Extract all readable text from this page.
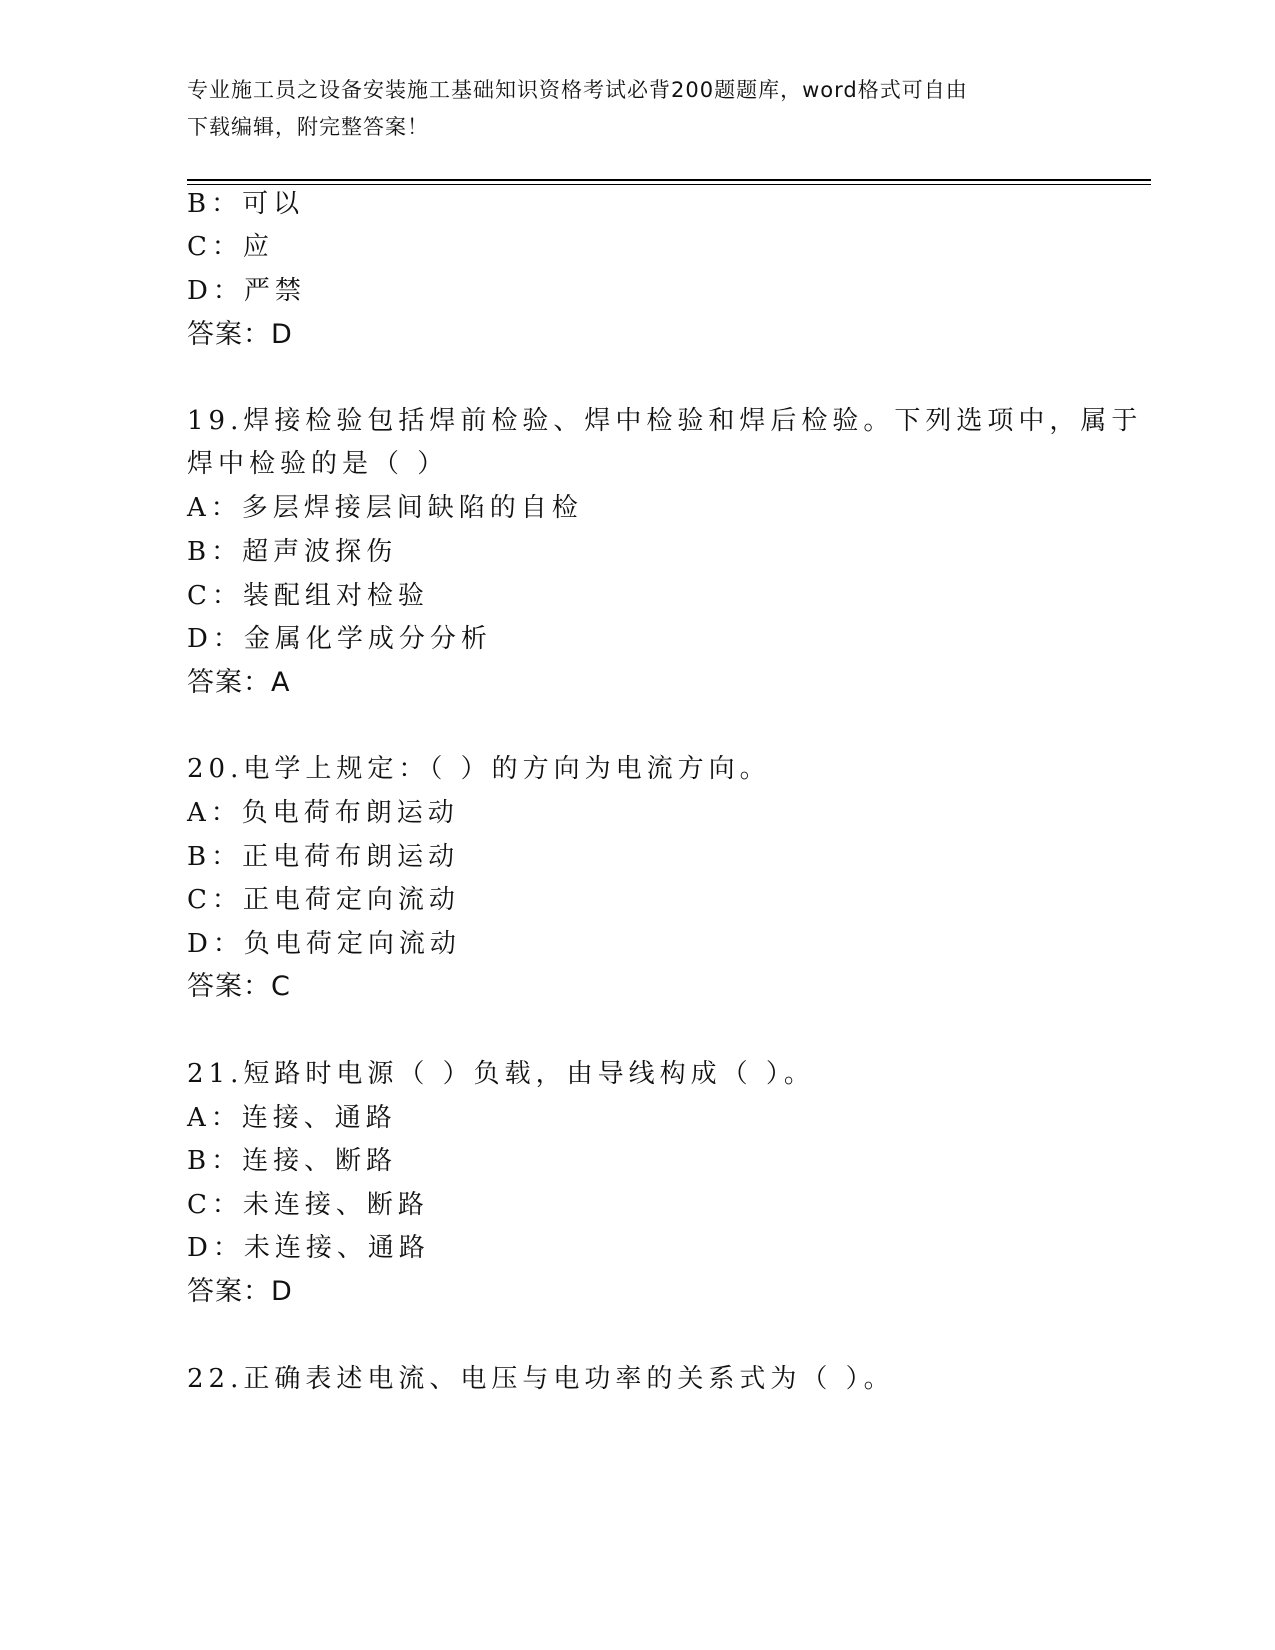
专业施工员之设备安装施工基础知识资格考试必背200题题库，word格式可自由
下载编辑，附完整答案！
B：可以
C：应
D：严禁
答案：D
19.焊接检验包括焊前检验、焊中检验和焊后检验。下列选项中，属于
焊中检验的是（ ）
A：多层焊接层间缺陷的自检
B：超声波探伤
C：装配组对检验
D：金属化学成分分析
答案：A
20.电学上规定：（ ）的方向为电流方向。
A：负电荷布朗运动
B：正电荷布朗运动
C：正电荷定向流动
D：负电荷定向流动
答案：C
21.短路时电源（ ）负载，由导线构成（ ）。
A：连接、通路
B：连接、断路
C：未连接、断路
D：未连接、通路
答案：D
22.正确表述电流、电压与电功率的关系式为（ ）。
